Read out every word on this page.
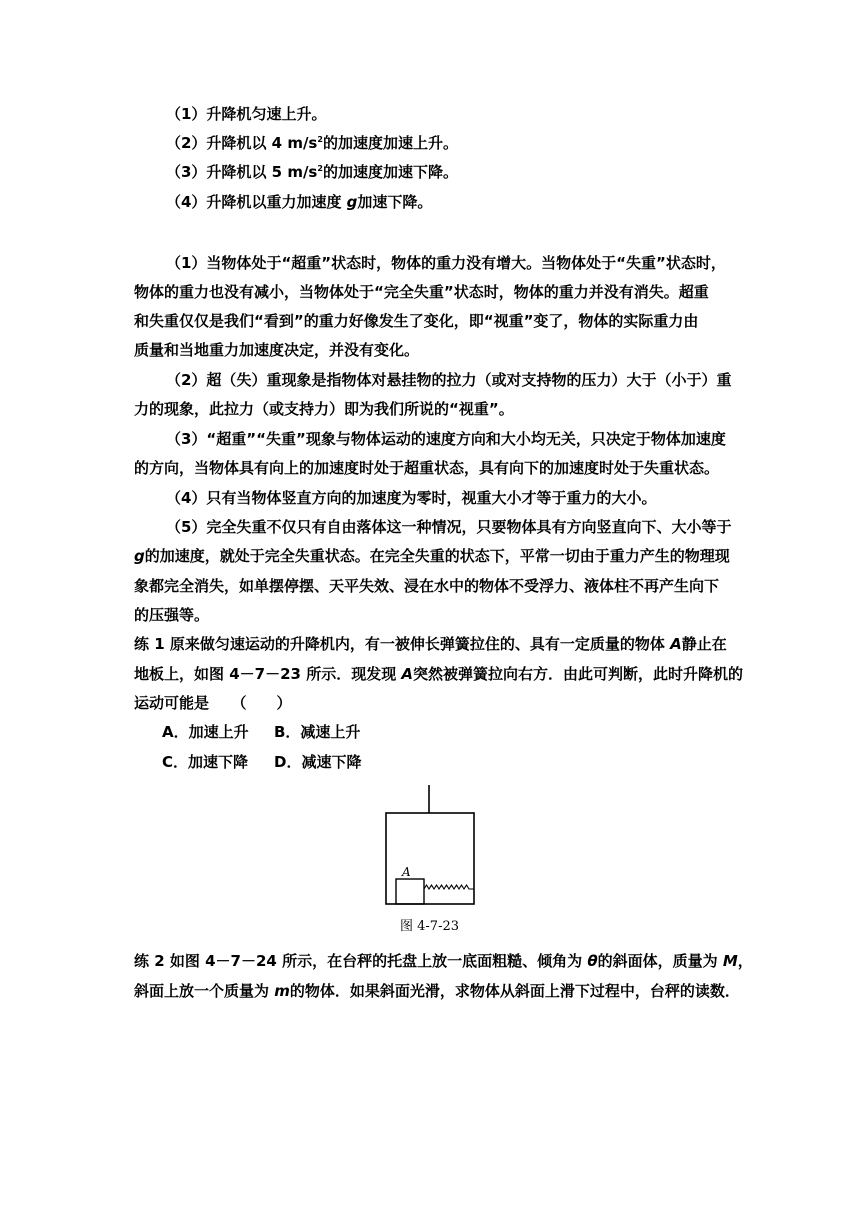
（1）升降机匀速上升。
（2）升降机以 4 $m/s^2$的加速度加速上升。
（3）升降机以 5 $m/s^2$的加速度加速下降。
（4）升降机以重力加速度 g加速下降。
（1）当物体处于“超重”状态时，物体的重力没有增大。当物体处于“失重”状态时，
物体的重力也没有减小，当物体处于“完全失重”状态时，物体的重力并没有消失。超重
和失重仅仅是我们“看到”的重力好像发生了变化，即“视重”变了，物体的实际重力由
质量和当地重力加速度决定，并没有变化。
（2）超（失）重现象是指物体对悬挂物的拉力（或对支持物的压力）大于（小于）重
力的现象，此拉力（或支持力）即为我们所说的“视重”。
（3）“超重”“失重”现象与物体运动的速度方向和大小均无关，只决定于物体加速度
的方向，当物体具有向上的加速度时处于超重状态，具有向下的加速度时处于失重状态。
（4）只有当物体竖直方向的加速度为零时，视重大小才等于重力的大小。
（5）完全失重不仅只有自由落体这一种情况，只要物体具有方向竖直向下、大小等于
g的加速度，就处于完全失重状态。在完全失重的状态下，平常一切由于重力产生的物理现
象都完全消失，如单摆停摆、天平失效、浸在水中的物体不受浮力、液体柱不再产生向下
的压强等。
练 1 原来做匀速运动的升降机内，有一被伸长弹簧拉住的、具有一定质量的物体 A静止在
地板上，如图 4－7－23 所示．现发现 A突然被弹簧拉向右方．由此可判断，此时升降机的
运动可能是　　（　　）
A．加速上升 B．减速上升
C．加速下降 D．减速下降
A
图 4-7-23
练 2 如图 4－7－24 所示，在台秤的托盘上放一底面粗糙、倾角为 θ的斜面体，质量为 M，
斜面上放一个质量为 m的物体．如果斜面光滑，求物体从斜面上滑下过程中，台秤的读数．
